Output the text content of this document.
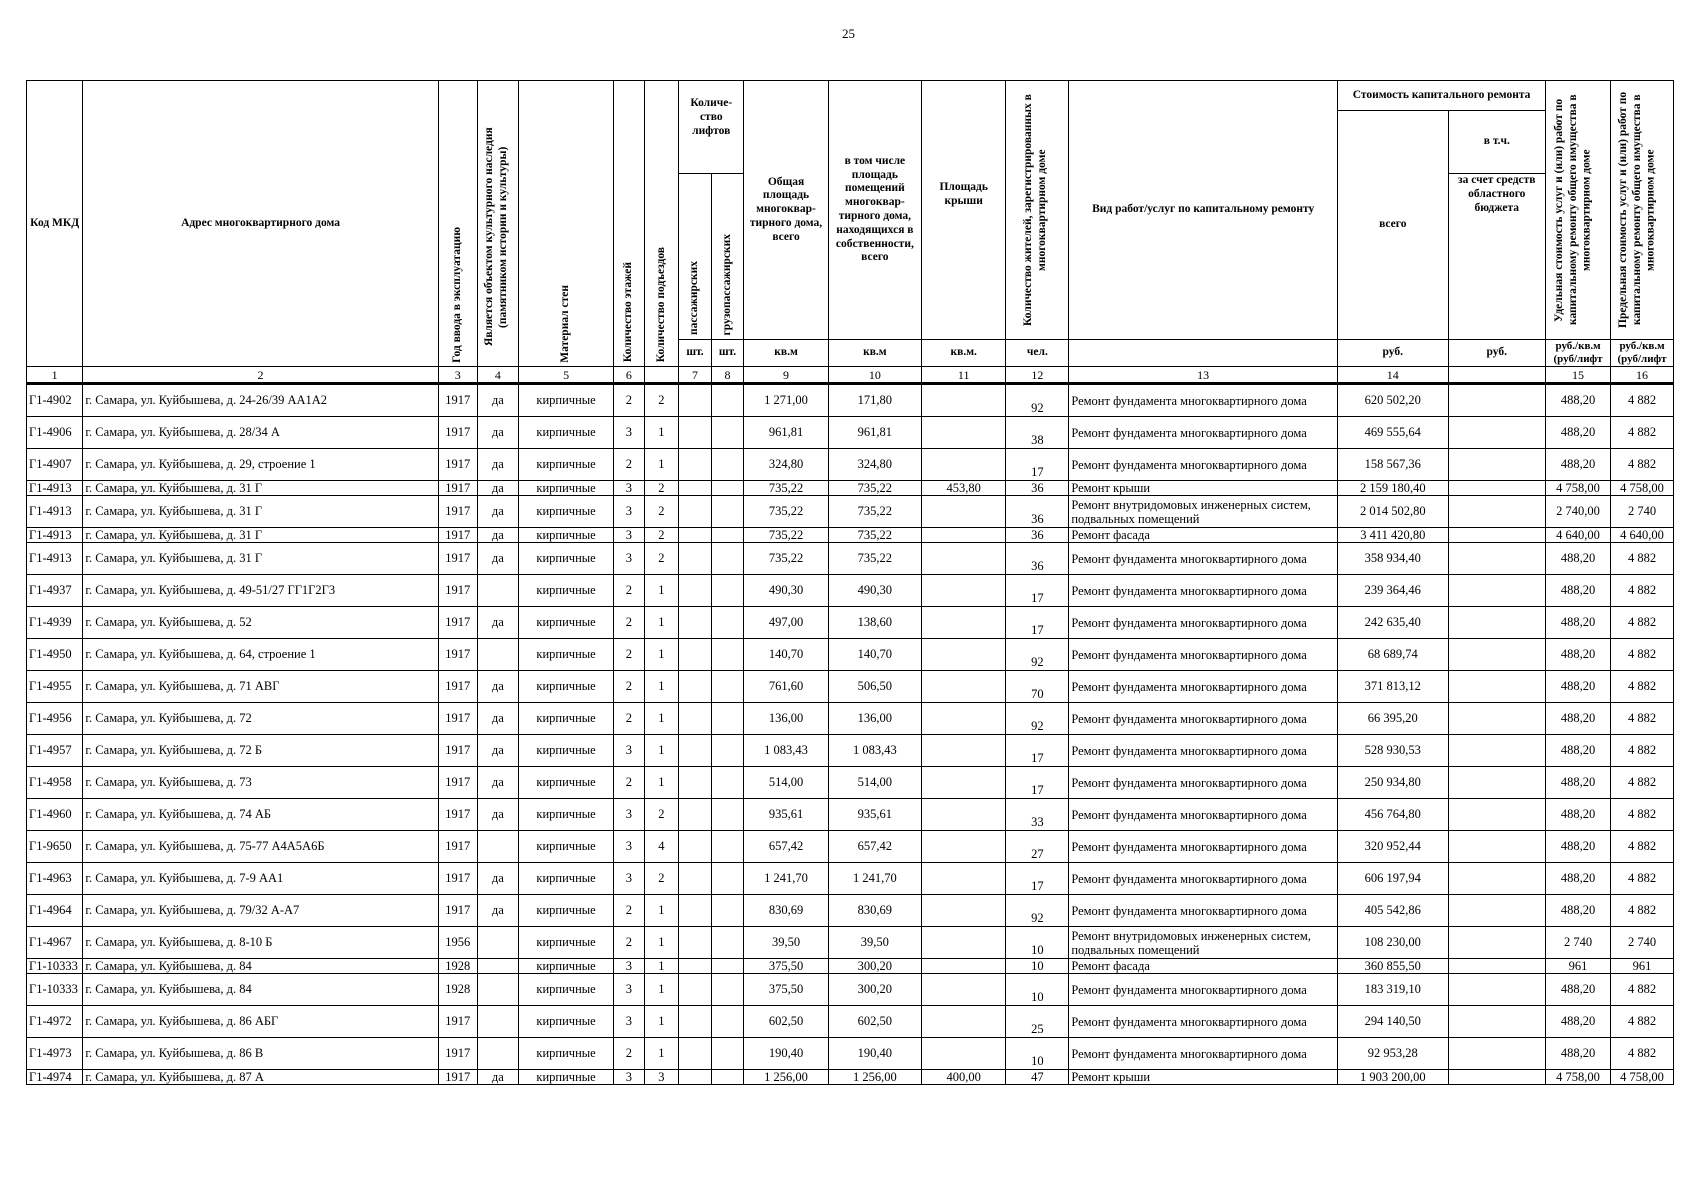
25
Код МКД	Адрес многоквартирного дома	Год ввода в эксплуатацию	Является объектом культурного наследия (памятником истории и культуры)	Материал стен	Количество этажей	Количество подъездов	Количе-ство лифтов		Общая площадь многоквар-тирного дома, всего	в том числе площадь помещений многоквар-тирного дома, находящихся в собственности, всего	Площадь крыши	Количество жителей, зарегистрированных в многоквартирном доме	Вид работ/услуг по капитальному ремонту	Стоимость капитального ремонта		Удельная стоимость услуг и (или) работ по капитальному ремонту общего имущества в многоквартирном доме	Предельная стоимость услуг и (или) работ по капитальному ремонту общего имущества в многоквартирном доме

														всего	в т.ч.		

							пассажирских	грузопассажирских							за счет средств областного бюджета		
							шт.	шт.	кв.м	кв.м	кв.м.	чел.		руб.	руб.	руб./кв.м (руб/лифт	руб./кв.м (руб/лифт
1	2	3	4	5	6		7	8	9	10	11	12	13	14		15	16
Г1-4902	г. Самара, ул. Куйбышева, д. 24-26/39 АА1А2	1917	да	кирпичные	2	2			1 271,00	171,80		92	Ремонт фундамента многоквартирного дома	620 502,20		488,20	4 882
Г1-4906	г. Самара, ул. Куйбышева, д. 28/34 А	1917	да	кирпичные	3	1			961,81	961,81		38	Ремонт фундамента многоквартирного дома	469 555,64		488,20	4 882
Г1-4907	г. Самара, ул. Куйбышева, д. 29, строение 1	1917	да	кирпичные	2	1			324,80	324,80		17	Ремонт фундамента многоквартирного дома	158 567,36		488,20	4 882
Г1-4913	г. Самара, ул. Куйбышева, д. 31 Г	1917	да	кирпичные	3	2			735,22	735,22	453,80	36	Ремонт крыши	2 159 180,40		4 758,00	4 758,00
Г1-4913	г. Самара, ул. Куйбышева, д. 31 Г	1917	да	кирпичные	3	2			735,22	735,22		36	Ремонт внутридомовых инженерных систем, подвальных помещений	2 014 502,80		2 740,00	2 740
Г1-4913	г. Самара, ул. Куйбышева, д. 31 Г	1917	да	кирпичные	3	2			735,22	735,22		36	Ремонт фасада	3 411 420,80		4 640,00	4 640,00
Г1-4913	г. Самара, ул. Куйбышева, д. 31 Г	1917	да	кирпичные	3	2			735,22	735,22		36	Ремонт фундамента многоквартирного дома	358 934,40		488,20	4 882
Г1-4937	г. Самара, ул. Куйбышева, д. 49-51/27 ГГ1Г2Г3	1917		кирпичные	2	1			490,30	490,30		17	Ремонт фундамента многоквартирного дома	239 364,46		488,20	4 882
Г1-4939	г. Самара, ул. Куйбышева, д. 52	1917	да	кирпичные	2	1			497,00	138,60		17	Ремонт фундамента многоквартирного дома	242 635,40		488,20	4 882
Г1-4950	г. Самара, ул. Куйбышева, д. 64, строение 1	1917		кирпичные	2	1			140,70	140,70		92	Ремонт фундамента многоквартирного дома	68 689,74		488,20	4 882
Г1-4955	г. Самара, ул. Куйбышева, д. 71 АВГ	1917	да	кирпичные	2	1			761,60	506,50		70	Ремонт фундамента многоквартирного дома	371 813,12		488,20	4 882
Г1-4956	г. Самара, ул. Куйбышева, д. 72	1917	да	кирпичные	2	1			136,00	136,00		92	Ремонт фундамента многоквартирного дома	66 395,20		488,20	4 882
Г1-4957	г. Самара, ул. Куйбышева, д. 72 Б	1917	да	кирпичные	3	1			1 083,43	1 083,43		17	Ремонт фундамента многоквартирного дома	528 930,53		488,20	4 882
Г1-4958	г. Самара, ул. Куйбышева, д. 73	1917	да	кирпичные	2	1			514,00	514,00		17	Ремонт фундамента многоквартирного дома	250 934,80		488,20	4 882
Г1-4960	г. Самара, ул. Куйбышева, д. 74 АБ	1917	да	кирпичные	3	2			935,61	935,61		33	Ремонт фундамента многоквартирного дома	456 764,80		488,20	4 882
Г1-9650	г. Самара, ул. Куйбышева, д. 75-77 А4А5А6Б	1917		кирпичные	3	4			657,42	657,42		27	Ремонт фундамента многоквартирного дома	320 952,44		488,20	4 882
Г1-4963	г. Самара, ул. Куйбышева, д. 7-9 АА1	1917	да	кирпичные	3	2			1 241,70	1 241,70		17	Ремонт фундамента многоквартирного дома	606 197,94		488,20	4 882
Г1-4964	г. Самара, ул. Куйбышева, д. 79/32 А-А7	1917	да	кирпичные	2	1			830,69	830,69		92	Ремонт фундамента многоквартирного дома	405 542,86		488,20	4 882
Г1-4967	г. Самара, ул. Куйбышева, д. 8-10 Б	1956		кирпичные	2	1			39,50	39,50		10	Ремонт внутридомовых инженерных систем, подвальных помещений	108 230,00		2 740	2 740
Г1-10333	г. Самара, ул. Куйбышева, д. 84	1928		кирпичные	3	1			375,50	300,20		10	Ремонт фасада	360 855,50		961	961
Г1-10333	г. Самара, ул. Куйбышева, д. 84	1928		кирпичные	3	1			375,50	300,20		10	Ремонт фундамента многоквартирного дома	183 319,10		488,20	4 882
Г1-4972	г. Самара, ул. Куйбышева, д. 86 АБГ	1917		кирпичные	3	1			602,50	602,50		25	Ремонт фундамента многоквартирного дома	294 140,50		488,20	4 882
Г1-4973	г. Самара, ул. Куйбышева, д. 86 В	1917		кирпичные	2	1			190,40	190,40		10	Ремонт фундамента многоквартирного дома	92 953,28		488,20	4 882
Г1-4974	г. Самара, ул. Куйбышева, д. 87 А	1917	да	кирпичные	3	3			1 256,00	1 256,00	400,00	47	Ремонт крыши	1 903 200,00		4 758,00	4 758,00
